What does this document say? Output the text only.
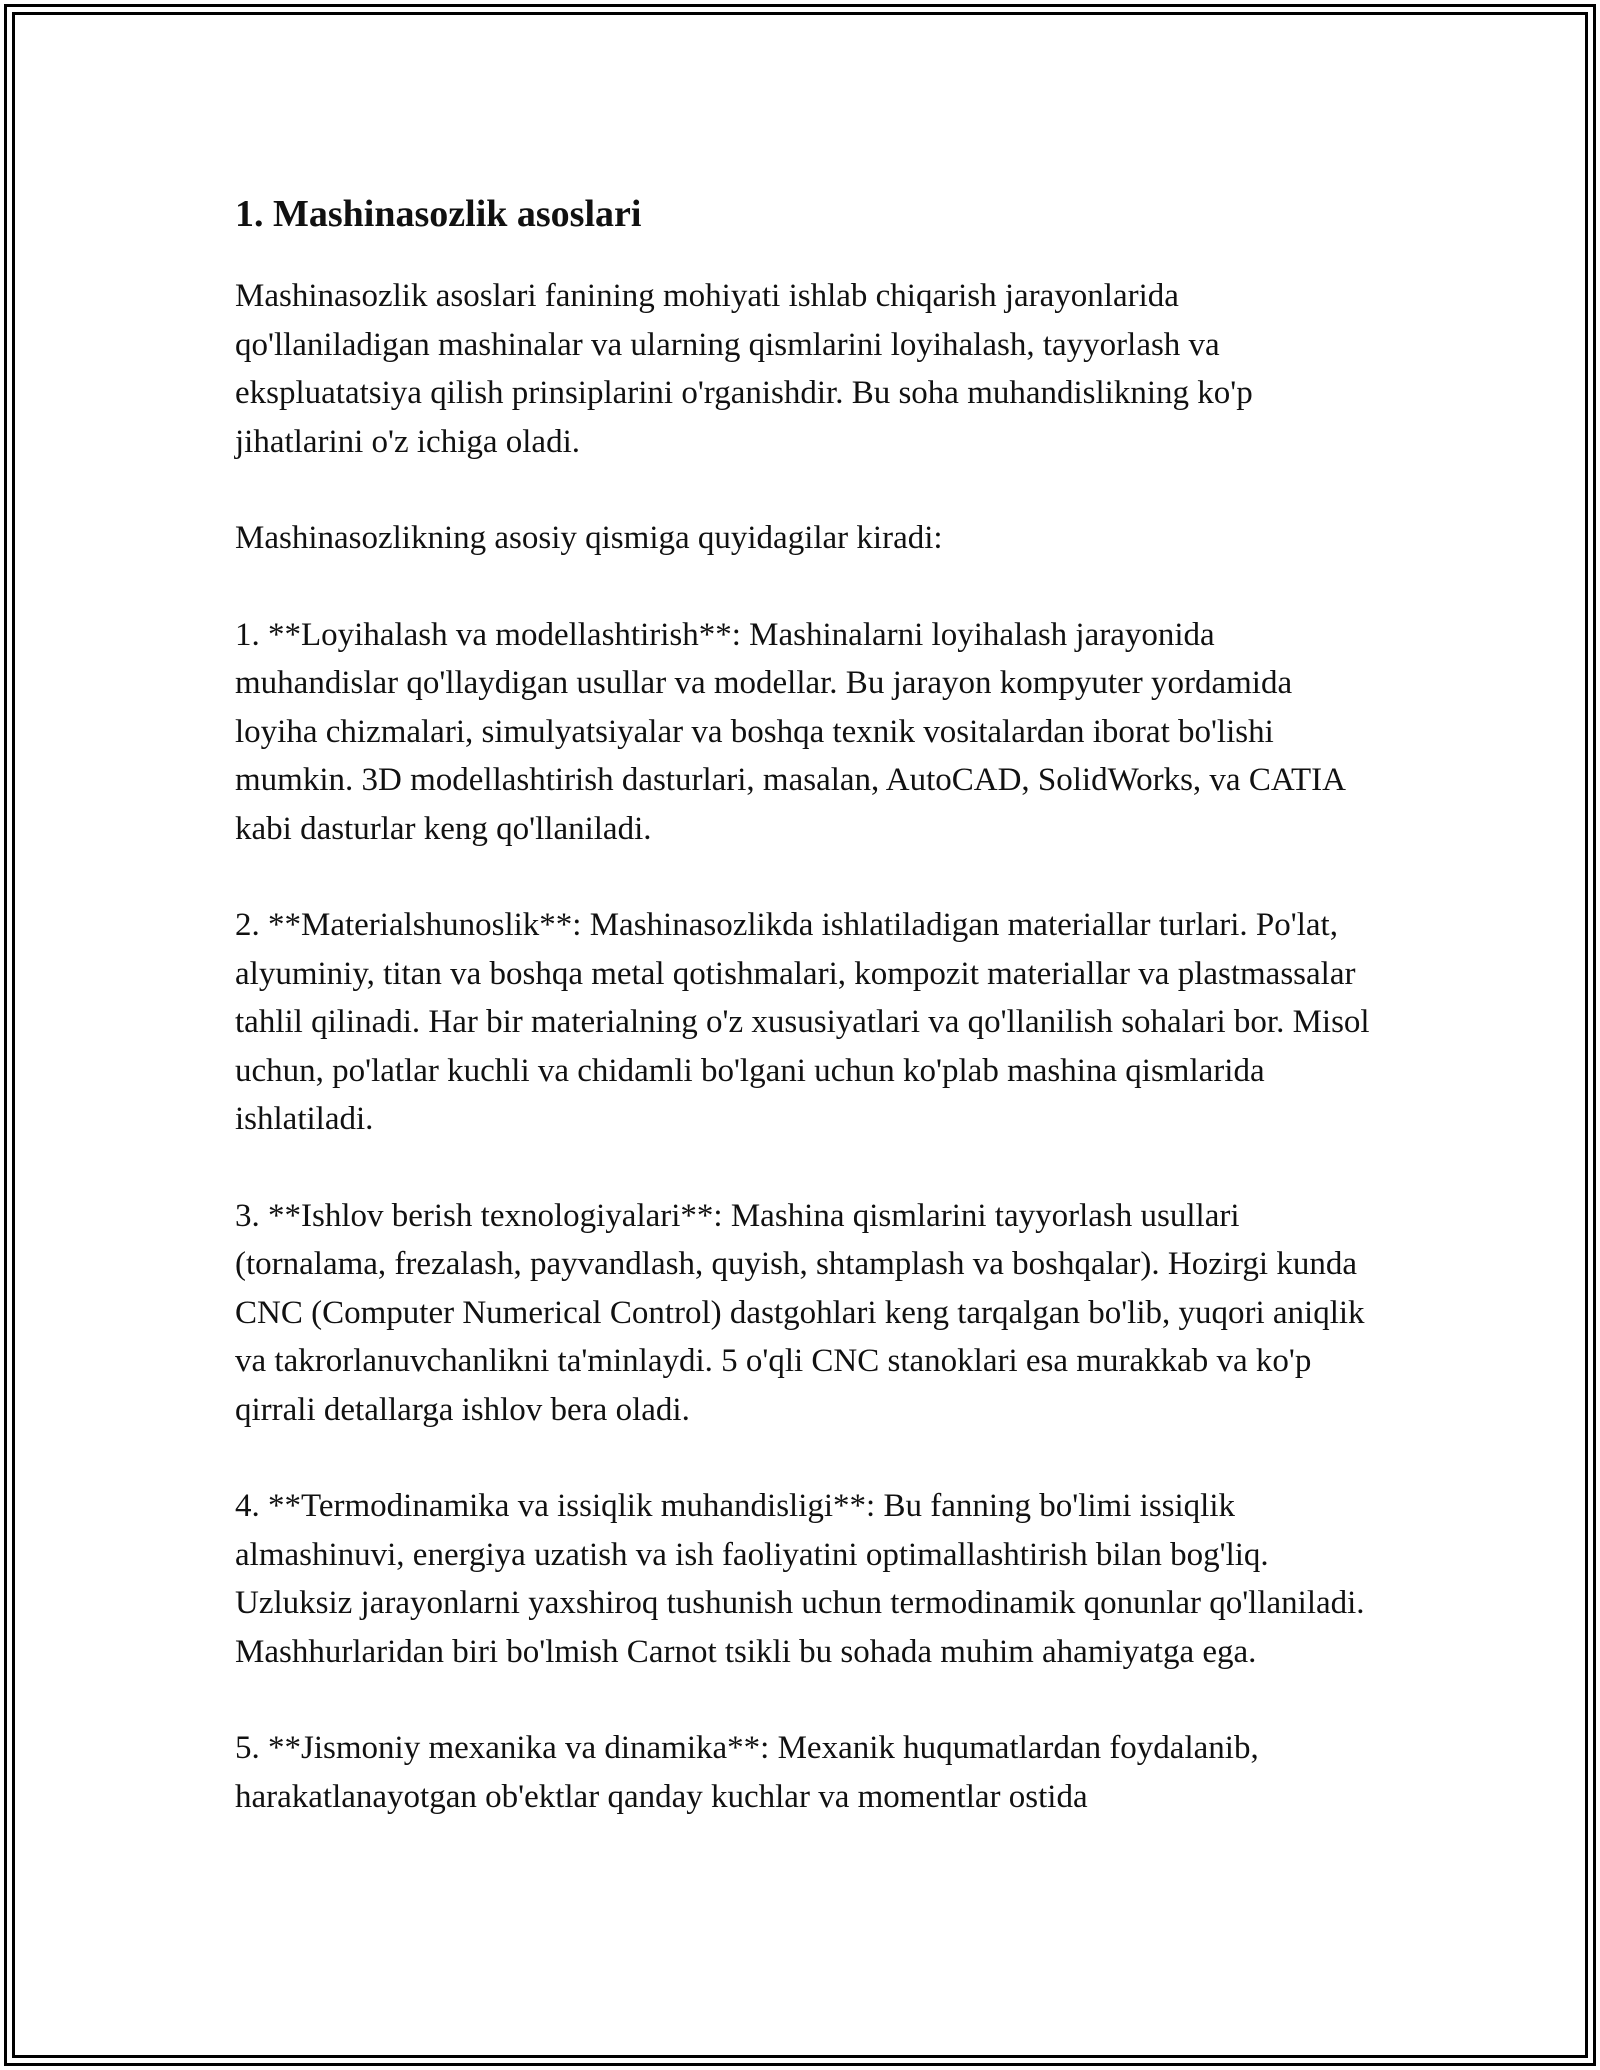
1. Mashinasozlik asoslari

Mashinasozlik asoslari fanining mohiyati ishlab chiqarish jarayonlarida qo'llaniladigan mashinalar va ularning qismlarini loyihalash, tayyorlash va ekspluatatsiya qilish prinsiplarini o'rganishdir. Bu soha muhandislikning ko'p jihatlarini o'z ichiga oladi.

Mashinasozlikning asosiy qismiga quyidagilar kiradi:

1. **Loyihalash va modellashtirish**: Mashinalarni loyihalash jarayonida muhandislar qo'llaydigan usullar va modellar. Bu jarayon kompyuter yordamida loyiha chizmalari, simulyatsiyalar va boshqa texnik vositalardan iborat bo'lishi mumkin. 3D modellashtirish dasturlari, masalan, AutoCAD, SolidWorks, va CATIA kabi dasturlar keng qo'llaniladi.

2. **Materialshunoslik**: Mashinasozlikda ishlatiladigan materiallar turlari. Po'lat, alyuminiy, titan va boshqa metal qotishmalari, kompozit materiallar va plastmassalar tahlil qilinadi. Har bir materialning o'z xususiyatlari va qo'llanilish sohalari bor. Misol uchun, po'latlar kuchli va chidamli bo'lgani uchun ko'plab mashina qismlarida ishlatiladi.

3. **Ishlov berish texnologiyalari**: Mashina qismlarini tayyorlash usullari (tornalama, frezalash, payvandlash, quyish, shtamplash va boshqalar). Hozirgi kunda CNC (Computer Numerical Control) dastgohlari keng tarqalgan bo'lib, yuqori aniqlik va takrorlanuvchanlikni ta'minlaydi. 5 o'qli CNC stanoklari esa murakkab va ko'p qirrali detallarga ishlov bera oladi.

4. **Termodinamika va issiqlik muhandisligi**: Bu fanning bo'limi issiqlik almashinuvi, energiya uzatish va ish faoliyatini optimallashtirish bilan bog'liq. Uzluksiz jarayonlarni yaxshiroq tushunish uchun termodinamik qonunlar qo'llaniladi. Mashhurlaridan biri bo'lmish Carnot tsikli bu sohada muhim ahamiyatga ega.

5. **Jismoniy mexanika va dinamika**: Mexanik huqumatlardan foydalanib, harakatlanayotgan ob'ektlar qanday kuchlar va momentlar ostida
